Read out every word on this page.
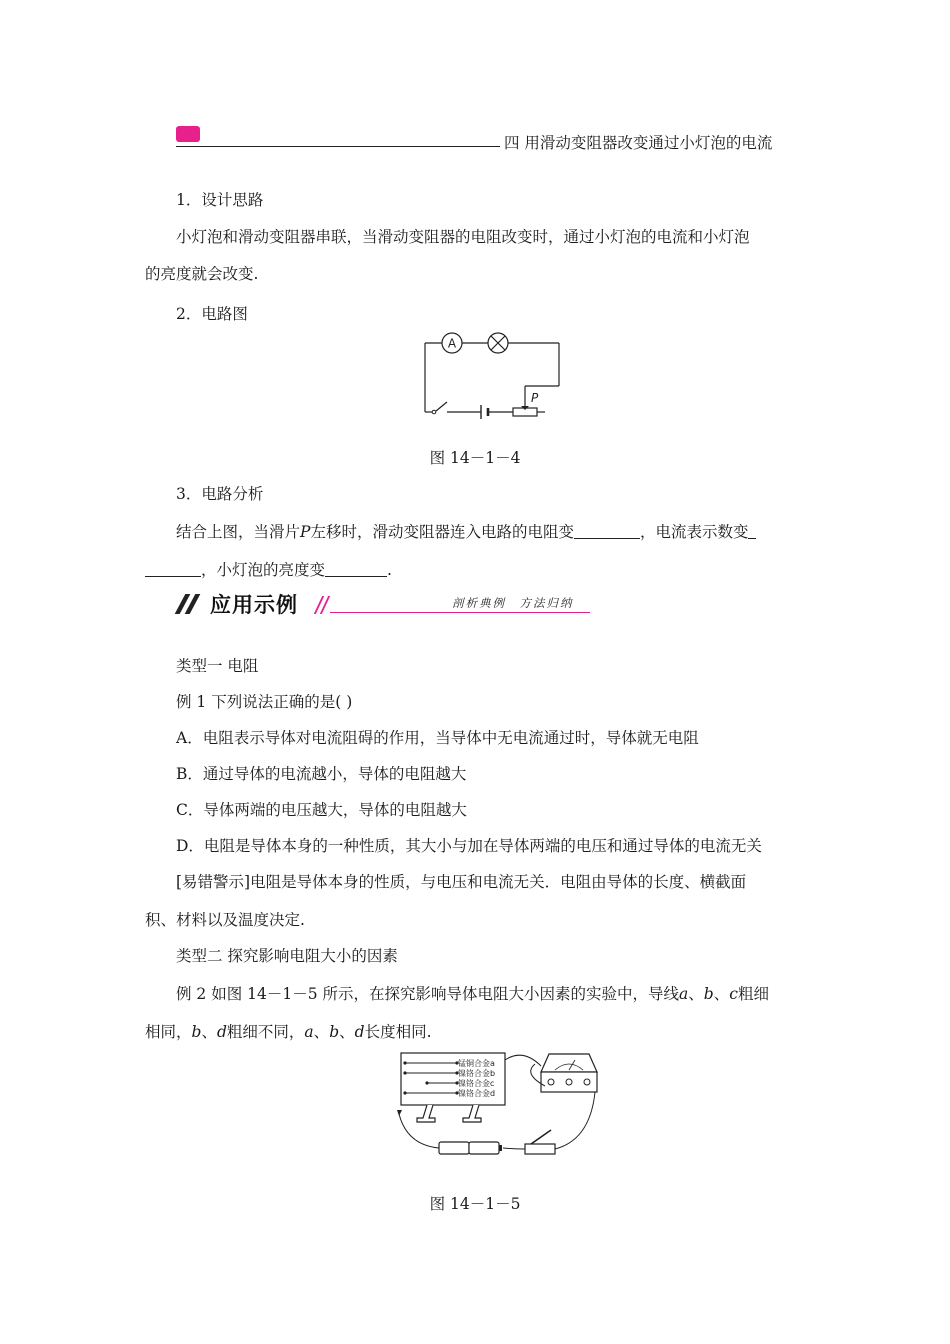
四 用滑动变阻器改变通过小灯泡的电流
1．设计思路
小灯泡和滑动变阻器串联，当滑动变阻器的电阻改变时，通过小灯泡的电流和小灯泡
的亮度就会改变.
2．电路图
A
P
图 14－1－4
3．电路分析
结合上图，当滑片P左移时，滑动变阻器连入电路的电阻变	，电流表示数变
，小灯泡的亮度变	.
应用示例	剖析典例　方法归纳
类型一 电阻
例 1 下列说法正确的是( )
A．电阻表示导体对电流阻碍的作用，当导体中无电流通过时，导体就无电阻
B．通过导体的电流越小，导体的电阻越大
C．导体两端的电压越大，导体的电阻越大
D．电阻是导体本身的一种性质，其大小与加在导体两端的电压和通过导体的电流无关
[易错警示]电阻是导体本身的性质，与电压和电流无关．电阻由导体的长度、横截面
积、材料以及温度决定.
类型二 探究影响电阻大小的因素
例 2 如图 14－1－5 所示，在探究影响导体电阻大小因素的实验中，导线a、b、c粗细
相同，b、d粗细不同，a、b、d长度相同.
锰铜合金a
镍铬合金b
镍铬合金c
镍铬合金d
图 14－1－5
